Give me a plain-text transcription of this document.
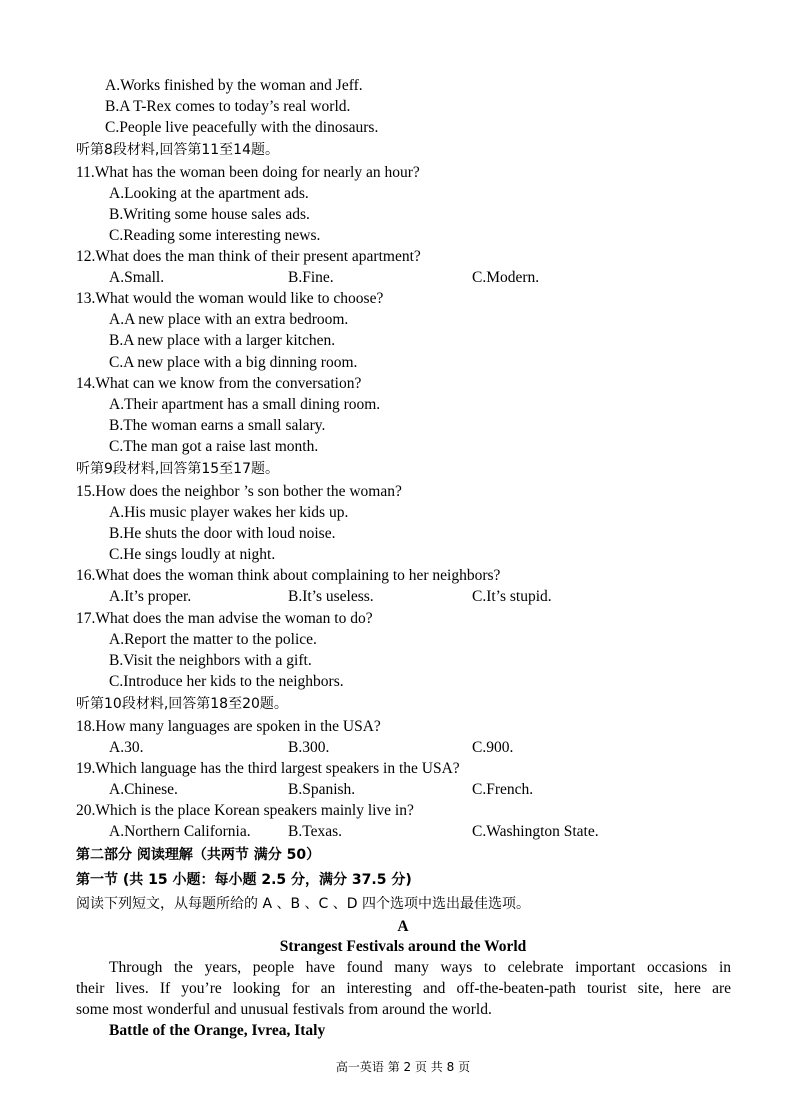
A.Works finished by the woman and Jeff.
B.A T-Rex comes to today’s real world.
C.People live peacefully with the dinosaurs.
听第8段材料,回答第11至14题。
11.What has the woman been doing for nearly an hour?
A.Looking at the apartment ads.
B.Writing some house sales ads.
C.Reading some interesting news.
12.What does the man think of their present apartment?
A.Small.	B.Fine.	C.Modern.
13.What would the woman would like to choose?
A.A new place with an extra bedroom.
B.A new place with a larger kitchen.
C.A new place with a big dinning room.
14.What can we know from the conversation?
A.Their apartment has a small dining room.
B.The woman earns a small salary.
C.The man got a raise last month.
听第9段材料,回答第15至17题。
15.How does the neighbor ’s son bother the woman?
A.His music player wakes her kids up.
B.He shuts the door with loud noise.
C.He sings loudly at night.
16.What does the woman think about complaining to her neighbors?
A.It’s proper.	B.It’s useless.	C.It’s stupid.
17.What does the man advise the woman to do?
A.Report the matter to the police.
B.Visit the neighbors with a gift.
C.Introduce her kids to the neighbors.
听第10段材料,回答第18至20题。
18.How many languages are spoken in the USA?
A.30.	B.300.	C.900.
19.Which language has the third largest speakers in the USA?
A.Chinese.	B.Spanish.	C.French.
20.Which is the place Korean speakers mainly live in?
A.Northern California. B.Texas.	C.Washington State.
第二部分 阅读理解（共两节 满分 50）
第一节 (共 15 小题：每小题 2.5 分，满分 37.5 分)
阅读下列短文，从每题所给的 A 、B 、C 、D 四个选项中选出最佳选项。
A
Strangest Festivals around the World
Through the years, people have found many ways to celebrate important occasions in
their lives. If you’re looking for an interesting and off-the-beaten-path tourist site, here are
some most wonderful and unusual festivals from around the world.
Battle of the Orange, Ivrea, Italy
高一英语 第 2 页 共 8 页
